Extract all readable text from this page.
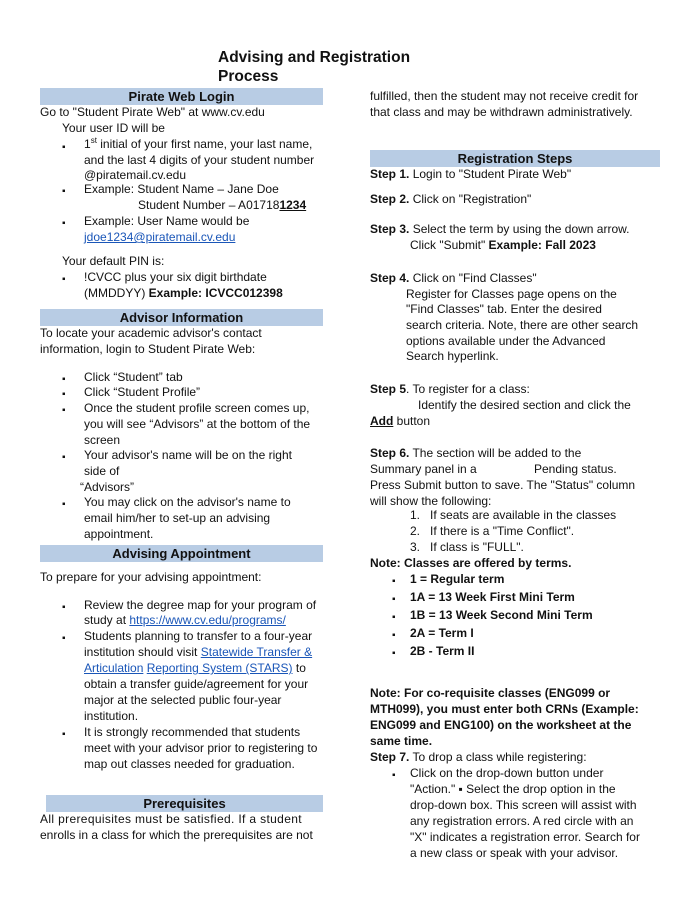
Advising and Registration
Process
Pirate Web Login
Go to "Student Pirate Web" at www.cv.edu
Your user ID will be
▪ 1st initial of your first name, your last name,
and the last 4 digits of your student number
@piratemail.cv.edu
▪ Example: Student Name – Jane Doe
Student Number – A017181234
▪ Example: User Name would be
jdoe1234@piratemail.cv.edu
Your default PIN is:
▪ !CVCC plus your six digit birthdate
(MMDDYY) Example: ICVCC012398
Advisor Information
To locate your academic advisor's contact
information, login to Student Pirate Web:
▪ Click “Student” tab
▪ Click “Student Profile”
▪ Once the student profile screen comes up,
you will see “Advisors” at the bottom of the
screen
▪ Your advisor's name will be on the right
side of
“Advisors”
▪ You may click on the advisor's name to
email him/her to set-up an advising
appointment.
Advising Appointment
To prepare for your advising appointment:
▪ Review the degree map for your program of
study at https://www.cv.edu/programs/
▪ Students planning to transfer to a four-year
institution should visit Statewide Transfer &
Articulation Reporting System (STARS) to
obtain a transfer guide/agreement for your
major at the selected public four-year
institution.
▪ It is strongly recommended that students
meet with your advisor prior to registering to
map out classes needed for graduation.
Prerequisites
All prerequisites must be satisfied. If a student
enrolls in a class for which the prerequisites are not
fulfilled, then the student may not receive credit for
that class and may be withdrawn administratively.
Registration Steps
Step 1. Login to "Student Pirate Web"
Step 2. Click on "Registration"
Step 3. Select the term by using the down arrow.
Click "Submit" Example: Fall 2023
Step 4. Click on "Find Classes"
Register for Classes page opens on the
"Find Classes" tab. Enter the desired
search criteria. Note, there are other search
options available under the Advanced
Search hyperlink.
Step 5. To register for a class:
Identify the desired section and click the
Add button
Step 6. The section will be added to the
Summary panel in a	Pending status.
Press Submit button to save. The "Status" column
will show the following:
1.   If seats are available in the classes
2.   If there is a "Time Conflict".
3.   If class is "FULL".
Note: Classes are offered by terms.
▪ 1 = Regular term
▪ 1A = 13 Week First Mini Term
▪ 1B = 13 Week Second Mini Term
▪ 2A = Term I
▪ 2B - Term II
Note: For co-requisite classes (ENG099 or
MTH099), you must enter both CRNs (Example:
ENG099 and ENG100) on the worksheet at the
same time.
Step 7. To drop a class while registering:
▪ Click on the drop-down button under
"Action." ▪ Select the drop option in the
drop-down box. This screen will assist with
any registration errors. A red circle with an
"X" indicates a registration error. Search for
a new class or speak with your advisor.
